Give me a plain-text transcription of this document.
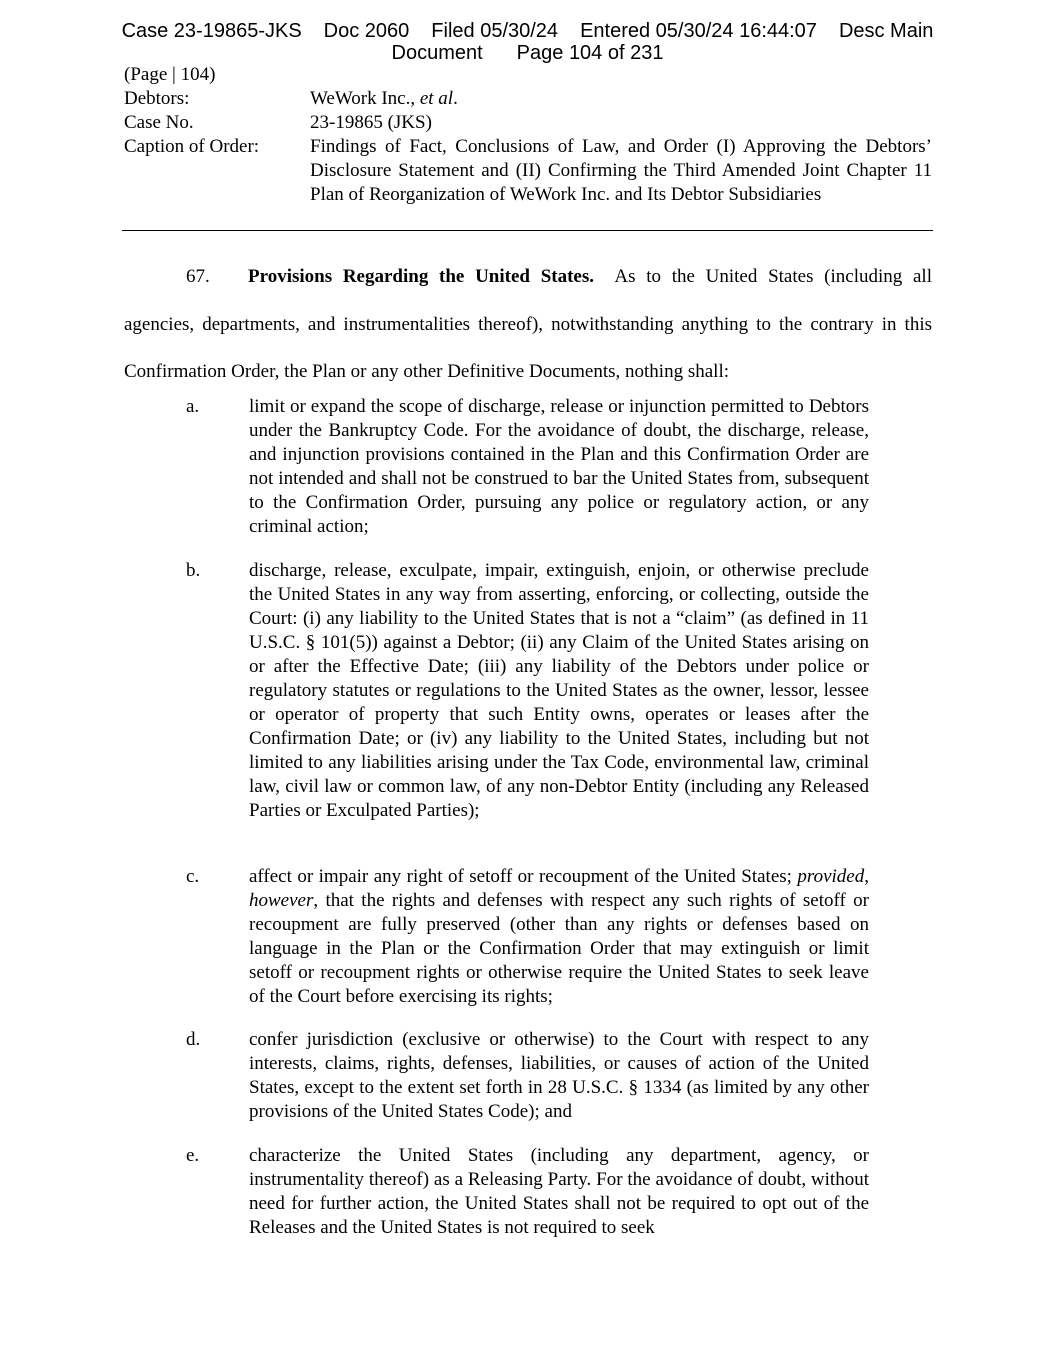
Case 23-19865-JKS Doc 2060 Filed 05/30/24 Entered 05/30/24 16:44:07 Desc Main
Document Page 104 of 231
(Page | 104)
Debtors:	WeWork Inc., et al.
Case No.	23-19865 (JKS)
Caption of Order:	Findings of Fact, Conclusions of Law, and Order (I) Approving the Debtors’ Disclosure Statement and (II) Confirming the Third Amended Joint Chapter 11 Plan of Reorganization of WeWork Inc. and Its Debtor Subsidiaries
67. Provisions Regarding the United States. As to the United States (including all agencies, departments, and instrumentalities thereof), notwithstanding anything to the contrary in this Confirmation Order, the Plan or any other Definitive Documents, nothing shall:
a.	limit or expand the scope of discharge, release or injunction permitted to Debtors under the Bankruptcy Code. For the avoidance of doubt, the discharge, release, and injunction provisions contained in the Plan and this Confirmation Order are not intended and shall not be construed to bar the United States from, subsequent to the Confirmation Order, pursuing any police or regulatory action, or any criminal action;
b.	discharge, release, exculpate, impair, extinguish, enjoin, or otherwise preclude the United States in any way from asserting, enforcing, or collecting, outside the Court: (i) any liability to the United States that is not a “claim” (as defined in 11 U.S.C. § 101(5)) against a Debtor; (ii) any Claim of the United States arising on or after the Effective Date; (iii) any liability of the Debtors under police or regulatory statutes or regulations to the United States as the owner, lessor, lessee or operator of property that such Entity owns, operates or leases after the Confirmation Date; or (iv) any liability to the United States, including but not limited to any liabilities arising under the Tax Code, environmental law, criminal law, civil law or common law, of any non-Debtor Entity (including any Released Parties or Exculpated Parties);
c.	affect or impair any right of setoff or recoupment of the United States; provided, however, that the rights and defenses with respect any such rights of setoff or recoupment are fully preserved (other than any rights or defenses based on language in the Plan or the Confirmation Order that may extinguish or limit setoff or recoupment rights or otherwise require the United States to seek leave of the Court before exercising its rights;
d.	confer jurisdiction (exclusive or otherwise) to the Court with respect to any interests, claims, rights, defenses, liabilities, or causes of action of the United States, except to the extent set forth in 28 U.S.C. § 1334 (as limited by any other provisions of the United States Code); and
e.	characterize the United States (including any department, agency, or instrumentality thereof) as a Releasing Party. For the avoidance of doubt, without need for further action, the United States shall not be required to opt out of the Releases and the United States is not required to seek
